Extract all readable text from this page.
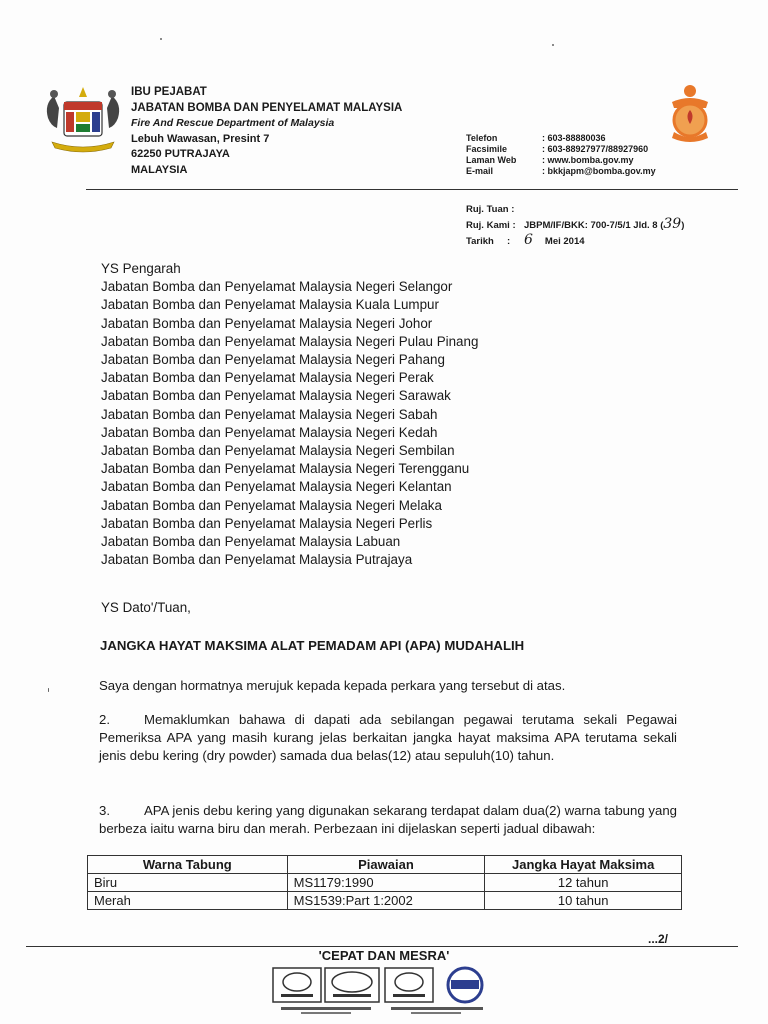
IBU PEJABAT
JABATAN BOMBA DAN PENYELAMAT MALAYSIA
Fire And Rescue Department of Malaysia
Lebuh Wawasan, Presint 7
62250 PUTRAJAYA
MALAYSIA
Telefon	: 603-88880036
Facsimile	: 603-88927977/88927960
Laman Web	: www.bomba.gov.my
E-mail	: bkkjapm@bomba.gov.my
Ruj. Tuan :
Ruj. Kami : JBPM/IF/BKK: 700-7/5/1 Jld. 8 ( 39 )
Tarikh : 6 Mei 2014
YS Pengarah
Jabatan Bomba dan Penyelamat Malaysia Negeri Selangor
Jabatan Bomba dan Penyelamat Malaysia Kuala Lumpur
Jabatan Bomba dan Penyelamat Malaysia Negeri Johor
Jabatan Bomba dan Penyelamat Malaysia Negeri Pulau Pinang
Jabatan Bomba dan Penyelamat Malaysia Negeri Pahang
Jabatan Bomba dan Penyelamat Malaysia Negeri Perak
Jabatan Bomba dan Penyelamat Malaysia Negeri Sarawak
Jabatan Bomba dan Penyelamat Malaysia Negeri Sabah
Jabatan Bomba dan Penyelamat Malaysia Negeri Kedah
Jabatan Bomba dan Penyelamat Malaysia Negeri Sembilan
Jabatan Bomba dan Penyelamat Malaysia Negeri Terengganu
Jabatan Bomba dan Penyelamat Malaysia Negeri Kelantan
Jabatan Bomba dan Penyelamat Malaysia Negeri Melaka
Jabatan Bomba dan Penyelamat Malaysia Negeri Perlis
Jabatan Bomba dan Penyelamat Malaysia Labuan
Jabatan Bomba dan Penyelamat Malaysia Putrajaya
YS Dato'/Tuan,
JANGKA HAYAT MAKSIMA ALAT PEMADAM API (APA) MUDAHALIH
Saya dengan hormatnya merujuk kepada kepada perkara yang tersebut di atas.
2.	Memaklumkan bahawa di dapati ada sebilangan pegawai terutama sekali Pegawai Pemeriksa APA yang masih kurang jelas berkaitan jangka hayat maksima APA terutama sekali jenis debu kering (dry powder) samada dua belas(12) atau sepuluh(10) tahun.
3.	APA jenis debu kering yang digunakan sekarang terdapat dalam dua(2) warna tabung yang berbeza iaitu warna biru dan merah. Perbezaan ini dijelaskan seperti jadual dibawah:
Warna Tabung	Piawaian	Jangka Hayat Maksima
Biru	MS1179:1990	12 tahun
Merah	MS1539:Part 1:2002	10 tahun
...2/
'CEPAT DAN MESRA'
